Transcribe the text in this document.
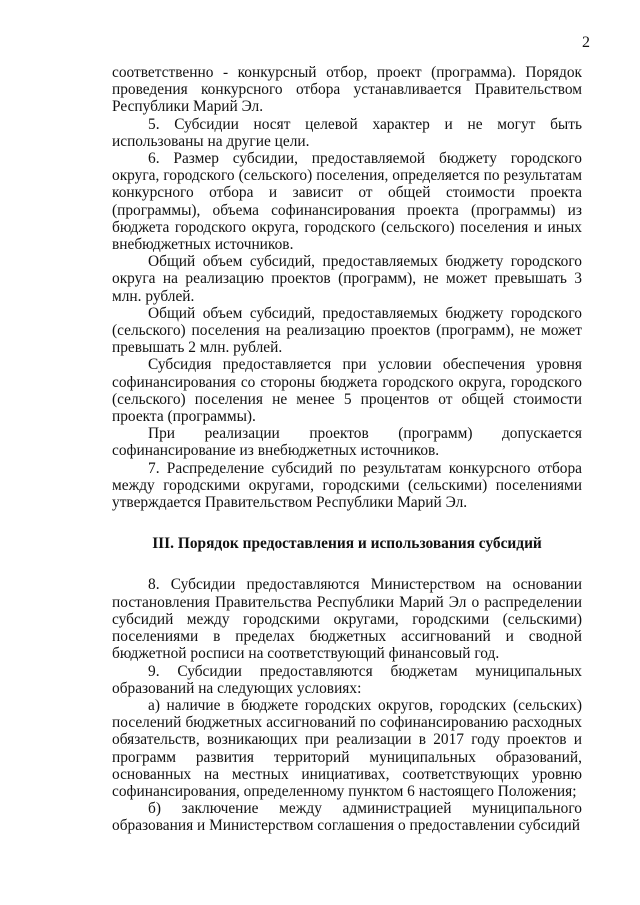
2

соответственно - конкурсный отбор, проект (программа). Порядок проведения конкурсного отбора устанавливается Правительством Республики Марий Эл.

5. Субсидии носят целевой характер и не могут быть использованы на другие цели.

6. Размер субсидии, предоставляемой бюджету городского округа, городского (сельского) поселения, определяется по результатам конкурсного отбора и зависит от общей стоимости проекта (программы), объема софинансирования проекта (программы) из бюджета городского округа, городского (сельского) поселения и иных внебюджетных источников.

Общий объем субсидий, предоставляемых бюджету городского округа на реализацию проектов (программ), не может превышать 3 млн. рублей.

Общий объем субсидий, предоставляемых бюджету городского (сельского) поселения на реализацию проектов (программ), не может превышать 2 млн. рублей.

Субсидия предоставляется при условии обеспечения уровня софинансирования со стороны бюджета городского округа, городского (сельского) поселения не менее 5 процентов от общей стоимости проекта (программы).

При реализации проектов (программ) допускается софинансирование из внебюджетных источников.

7. Распределение субсидий по результатам конкурсного отбора между городскими округами, городскими (сельскими) поселениями утверждается Правительством Республики Марий Эл.

III. Порядок предоставления и использования субсидий

8. Субсидии предоставляются Министерством на основании постановления Правительства Республики Марий Эл о распределении субсидий между городскими округами, городскими (сельскими) поселениями в пределах бюджетных ассигнований и сводной бюджетной росписи на соответствующий финансовый год.

9. Субсидии предоставляются бюджетам муниципальных образований на следующих условиях:

а) наличие в бюджете городских округов, городских (сельских) поселений бюджетных ассигнований по софинансированию расходных обязательств, возникающих при реализации в 2017 году проектов и программ развития территорий муниципальных образований, основанных на местных инициативах, соответствующих уровню софинансирования, определенному пунктом 6 настоящего Положения;

б) заключение между администрацией муниципального образования и Министерством соглашения о предоставлении субсидий
